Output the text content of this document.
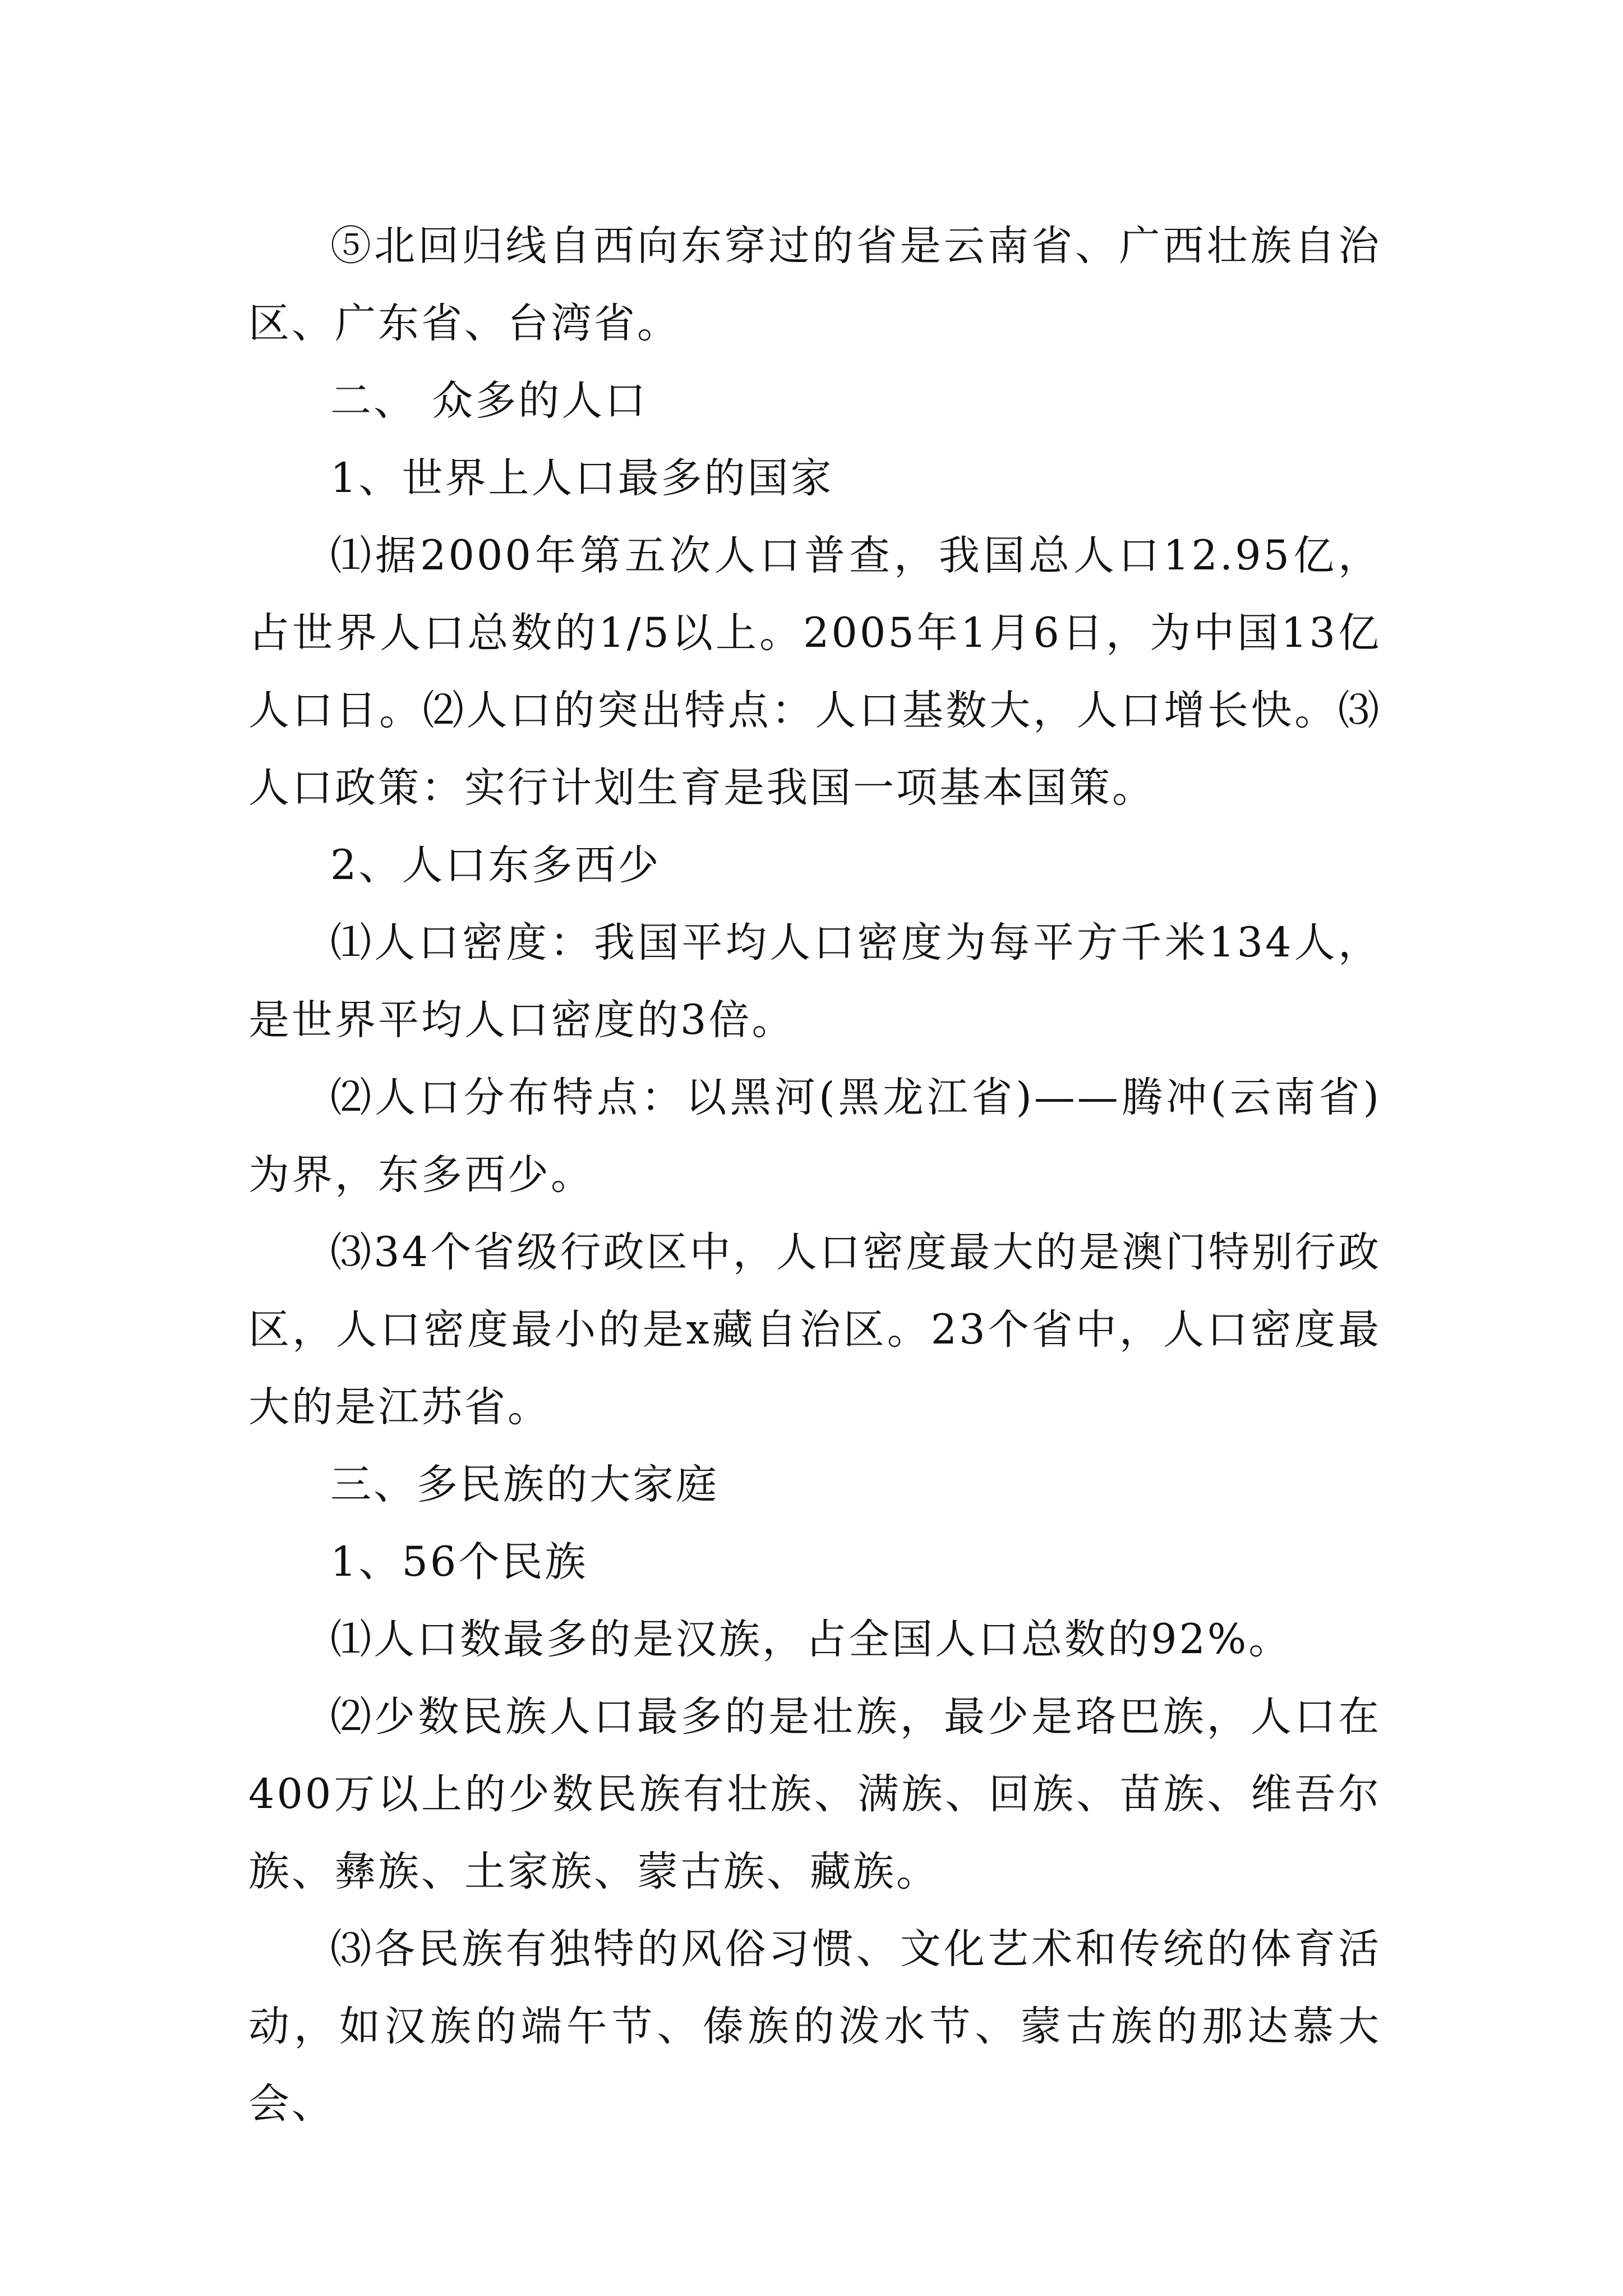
⑤北回归线自西向东穿过的省是云南省、广西壮族自治区、广东省、台湾省。

二、 众多的人口

1、世界上人口最多的国家

⑴据2000年第五次人口普查，我国总人口12.95亿，占世界人口总数的1/5以上。2005年1月6日，为中国13亿人口日。⑵人口的突出特点：人口基数大，人口增长快。⑶人口政策：实行计划生育是我国一项基本国策。

2、人口东多西少

⑴人口密度：我国平均人口密度为每平方千米134人，是世界平均人口密度的3倍。

⑵人口分布特点：以黑河(黑龙江省)——腾冲(云南省)为界，东多西少。

⑶34个省级行政区中，人口密度最大的是澳门特别行政区，人口密度最小的是x藏自治区。23个省中，人口密度最大的是江苏省。

三、多民族的大家庭

1、56个民族

⑴人口数最多的是汉族，占全国人口总数的92%。

⑵少数民族人口最多的是壮族，最少是珞巴族，人口在400万以上的少数民族有壮族、满族、回族、苗族、维吾尔族、彝族、土家族、蒙古族、藏族。

⑶各民族有独特的风俗习惯、文化艺术和传统的体育活动，如汉族的端午节、傣族的泼水节、蒙古族的那达慕大会、
